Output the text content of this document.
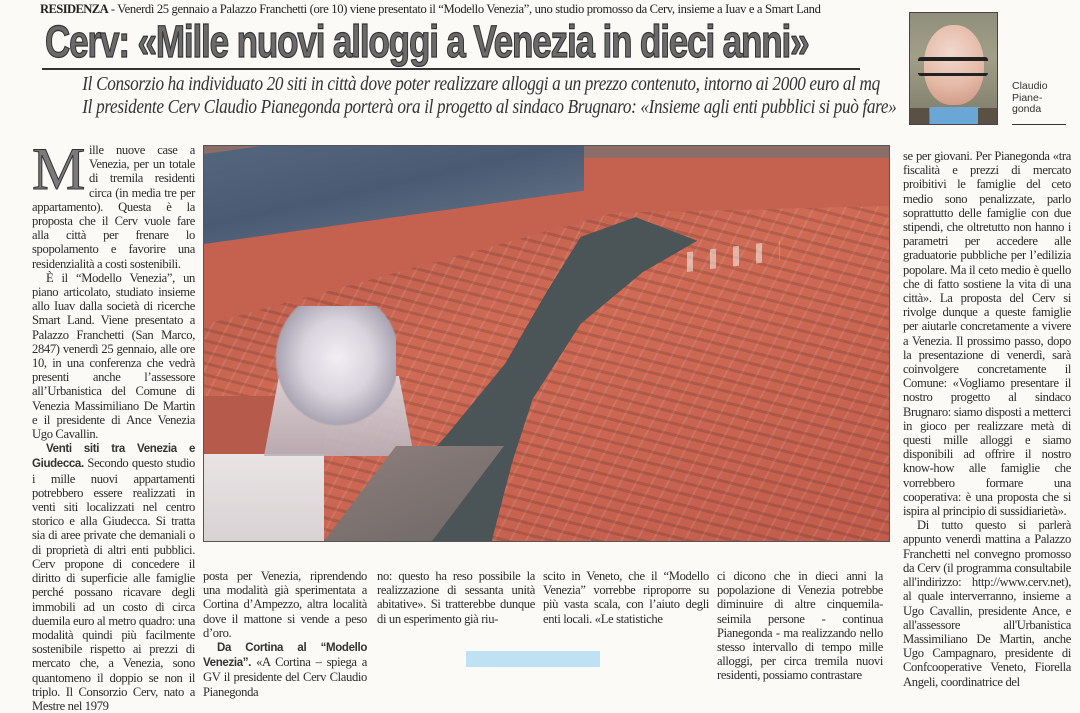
RESIDENZA - Venerdì 25 gennaio a Palazzo Franchetti (ore 10) viene presentato il “Modello Venezia”, uno studio promosso da Cerv, insieme a Iuav e a Smart Land
Cerv: «Mille nuovi alloggi a Venezia in dieci anni»
Il Consorzio ha individuato 20 siti in città dove poter realizzare alloggi a un prezzo contenuto, intorno ai 2000 euro al mq
Il presidente Cerv Claudio Pianegonda porterà ora il progetto al sindaco Brugnaro: «Insieme agli enti pubblici si può fare»
Claudio
Piane-
gonda

Mille nuove case a Venezia, per un totale di tremila residenti circa (in media tre per appartamento). Questa è la proposta che il Cerv vuole fare alla città per frenare lo spopolamento e favorire una residenzialità a costi sostenibili.

È il “Modello Venezia”, un piano articolato, studiato insieme allo Iuav dalla società di ricerche Smart Land. Viene presentato a Palazzo Franchetti (San Marco, 2847) venerdì 25 gennaio, alle ore 10, in una conferenza che vedrà presenti anche l’assessore all’Urbanistica del Comune di Venezia Massimiliano De Martin e il presidente di Ance Venezia Ugo Cavallin.

Venti siti tra Venezia e Giudecca. Secondo questo studio i mille nuovi appartamenti potrebbero essere realizzati in venti siti localizzati nel centro storico e alla Giudecca. Si tratta sia di aree private che demaniali o di proprietà di altri enti pubblici. Cerv propone di concedere il diritto di superficie alle famiglie perché possano ricavare degli immobili ad un costo di circa duemila euro al metro quadro: una modalità quindi più facilmente sostenibile rispetto ai prezzi di mercato che, a Venezia, sono quantomeno il doppio se non il triplo. Il Consorzio Cerv, nato a Mestre nel 1979

posta per Venezia, riprendendo una modalità già sperimentata a Cortina d’Ampezzo, altra località dove il mattone si vende a peso d’oro.

Da Cortina al “Modello Venezia”. «A Cortina – spiega a GV il presidente del Cerv Claudio Pianegonda

no: questo ha reso possibile la realizzazione di sessanta unità abitative». Si tratterebbe dunque di un esperimento già riu-

scito in Veneto, che il “Modello Venezia” vorrebbe riproporre su più vasta scala, con l’aiuto degli enti locali. «Le statistiche

ci dicono che in dieci anni la popolazione di Venezia potrebbe diminuire di altre cinquemila-seimila persone - continua Pianegonda - ma realizzando nello stesso intervallo di tempo mille alloggi, per circa tremila nuovi residenti, possiamo contrastare

se per giovani. Per Pianegonda «tra fiscalità e prezzi di mercato proibitivi le famiglie del ceto medio sono penalizzate, parlo soprattutto delle famiglie con due stipendi, che oltretutto non hanno i parametri per accedere alle graduatorie pubbliche per l’edilizia popolare. Ma il ceto medio è quello che di fatto sostiene la vita di una città». La proposta del Cerv si rivolge dunque a queste famiglie per aiutarle concretamente a vivere a Venezia. Il prossimo passo, dopo la presentazione di venerdì, sarà coinvolgere concretamente il Comune: «Vogliamo presentare il nostro progetto al sindaco Brugnaro: siamo disposti a metterci in gioco per realizzare metà di questi mille alloggi e siamo disponibili ad offrire il nostro know-how alle famiglie che vorrebbero formare una cooperativa: è una proposta che si ispira al principio di sussidiarietà».

Di tutto questo si parlerà appunto venerdì mattina a Palazzo Franchetti nel convegno promosso da Cerv (il programma consultabile all'indirizzo: http://www.cerv.net), al quale interverranno, insieme a Ugo Cavallin, presidente Ance, e all'assessore all'Urbanistica Massimiliano De Martin, anche Ugo Campagnaro, presidente di Confcooperative Veneto, Fiorella Angeli, coordinatrice del
